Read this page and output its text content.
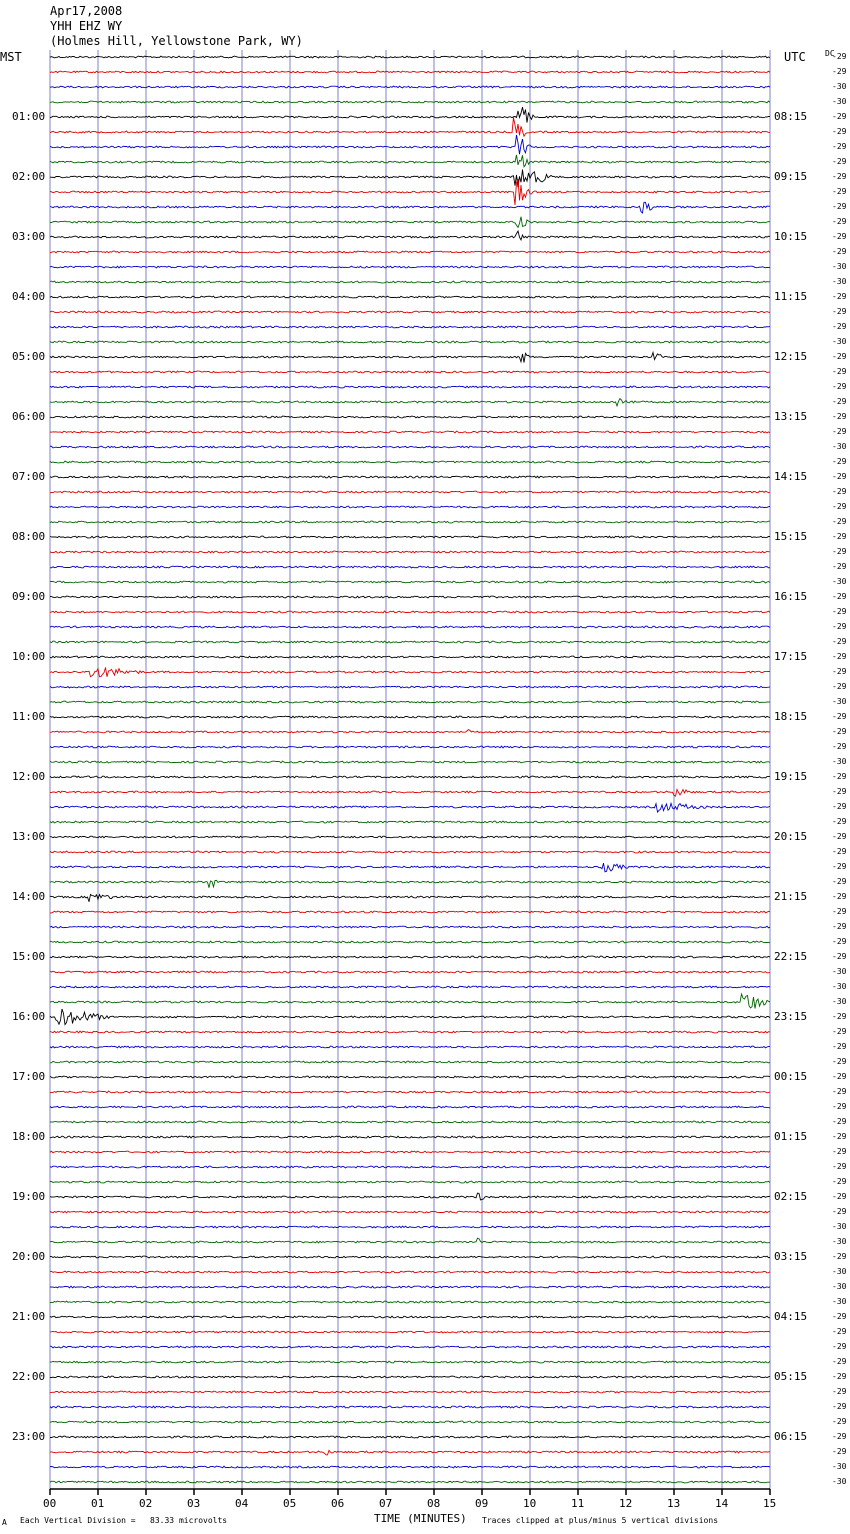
Apr17,2008
YHH EHZ WY
(Holmes Hill, Yellowstone Park, WY)
MST	UTC DC
01:00
02:00
03:00
04:00
05:00
06:00
07:00
08:00
09:00
10:00
11:00
12:00
13:00
14:00
15:00
16:00
17:00
18:00
19:00
20:00
21:00
22:00
23:00
08:15
09:15
10:15
11:15
12:15
13:15
14:15
15:15
16:15
17:15
18:15
19:15
20:15
21:15
22:15
23:15
00:15
01:15
02:15
03:15
04:15
05:15
06:15
-29
-29
-30
-30
-29
-29
-29
-29
-29
-29
-29
-29
-29
-29
-30
-30
-29
-29
-29
-30
-29
-29
-29
-29
-29
-29
-30
-29
-29
-29
-29
-29
-29
-29
-29
-30
-29
-29
-29
-29
-29
-29
-29
-30
-29
-29
-29
-30
-29
-29
-29
-29
-29
-29
-29
-29
-29
-29
-29
-29
-29
-30
-30
-30
-29
-29
-29
-29
-29
-29
-29
-29
-29
-29
-29
-29
-29
-29
-30
-30
-29
-30
-30
-30
-29
-29
-29
-29
-29
-29
-29
-29
-29
-29
-30
-30
00	01	02	03	04	05	06	07	08	09	10	11	12	13	14	15
TIME (MINUTES)
A Each Vertical Division =   83.33 microvolts	Traces clipped at plus/minus 5 vertical divisions
